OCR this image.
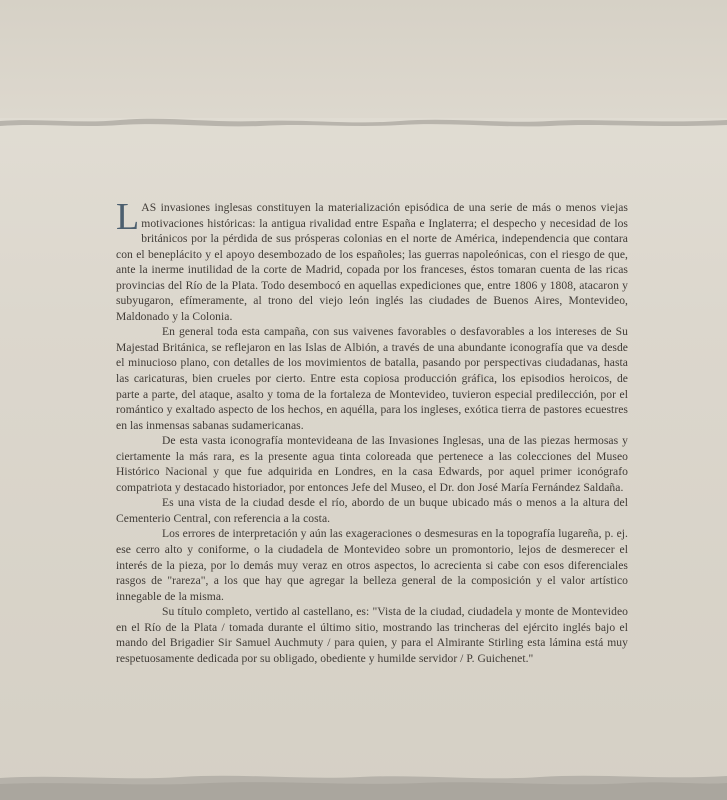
LAS invasiones inglesas constituyen la materialización episódica de una serie de más o menos viejas motivaciones históricas: la antigua rivalidad entre España e Inglaterra; el despecho y necesidad de los británicos por la pérdida de sus prósperas colonias en el norte de América, independencia que contara con el beneplácito y el apoyo desembozado de los españoles; las guerras napoleónicas, con el riesgo de que, ante la inerme inutilidad de la corte de Madrid, copada por los franceses, éstos tomaran cuenta de las ricas provincias del Río de la Plata. Todo desembocó en aquellas expediciones que, entre 1806 y 1808, atacaron y subyugaron, efímeramente, al trono del viejo león inglés las ciudades de Buenos Aires, Montevideo, Maldonado y la Colonia.

En general toda esta campaña, con sus vaivenes favorables o desfavorables a los intereses de Su Majestad Británica, se reflejaron en las Islas de Albión, a través de una abundante iconografía que va desde el minucioso plano, con detalles de los movimientos de batalla, pasando por perspectivas ciudadanas, hasta las caricaturas, bien crueles por cierto. Entre esta copiosa producción gráfica, los episodios heroicos, de parte a parte, del ataque, asalto y toma de la fortaleza de Montevideo, tuvieron especial predilección, por el romántico y exaltado aspecto de los hechos, en aquélla, para los ingleses, exótica tierra de pastores ecuestres en las inmensas sabanas sudamericanas.

De esta vasta iconografía montevideana de las Invasiones Inglesas, una de las piezas hermosas y ciertamente la más rara, es la presente agua tinta coloreada que pertenece a las colecciones del Museo Histórico Nacional y que fue adquirida en Londres, en la casa Edwards, por aquel primer iconógrafo compatriota y destacado historiador, por entonces Jefe del Museo, el Dr. don José María Fernández Saldaña.

Es una vista de la ciudad desde el río, abordo de un buque ubicado más o menos a la altura del Cementerio Central, con referencia a la costa.

Los errores de interpretación y aún las exageraciones o desmesuras en la topografía lugareña, p. ej. ese cerro alto y coniforme, o la ciudadela de Montevideo sobre un promontorio, lejos de desmerecer el interés de la pieza, por lo demás muy veraz en otros aspectos, lo acrecienta si cabe con esos diferenciales rasgos de "rareza", a los que hay que agregar la belleza general de la composición y el valor artístico innegable de la misma.

Su título completo, vertido al castellano, es: "Vista de la ciudad, ciudadela y monte de Montevideo en el Río de la Plata / tomada durante el último sitio, mostrando las trincheras del ejército inglés bajo el mando del Brigadier Sir Samuel Auchmuty / para quien, y para el Almirante Stirling esta lámina está muy respetuosamente dedicada por su obligado, obediente y humilde servidor / P. Guichenet."
